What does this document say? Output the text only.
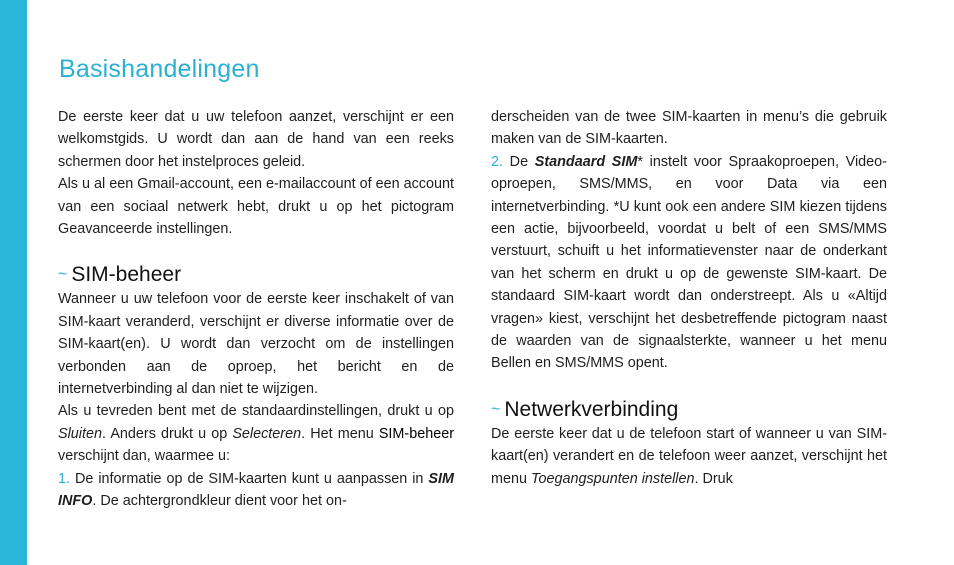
Basishandelingen

De eerste keer dat u uw telefoon aanzet, verschijnt er een welkomstgids. U wordt dan aan de hand van een reeks schermen door het instelproces geleid.

Als u al een Gmail-account, een e-mailaccount of een account van een sociaal netwerk hebt, drukt u op het pictogram Geavanceerde instellingen.

~ SIM-beheer

Wanneer u uw telefoon voor de eerste keer inschakelt of van SIM-kaart veranderd, verschijnt er diverse informatie over de SIM-kaart(en). U wordt dan verzocht om de instellingen verbonden aan de oproep, het bericht en de internetverbinding al dan niet te wijzigen.

Als u tevreden bent met de standaardinstellingen, drukt u op Sluiten. Anders drukt u op Selecteren. Het menu SIM-beheer verschijnt dan, waarmee u:

1. De informatie op de SIM-kaarten kunt u aanpassen in SIM INFO. De achtergrondkleur dient voor het on-

derscheiden van de twee SIM-kaarten in menu’s die gebruik maken van de SIM-kaarten.

2. De Standaard SIM* instelt voor Spraakoproepen, Video-oproepen, SMS/MMS, en voor Data via een internetverbinding. *U kunt ook een andere SIM kiezen tijdens een actie, bijvoorbeeld, voordat u belt of een SMS/MMS verstuurt, schuift u het informatievenster naar de onderkant van het scherm en drukt u op de gewenste SIM-kaart. De standaard SIM-kaart wordt dan onderstreept. Als u «Altijd vragen» kiest, verschijnt het desbetreffende pictogram naast de waarden van de signaalsterkte, wanneer u het menu Bellen en SMS/MMS opent.

~ Netwerkverbinding

De eerste keer dat u de telefoon start of wanneer u van SIM-kaart(en) verandert en de telefoon weer aanzet, verschijnt het menu Toegangspunten instellen. Druk
